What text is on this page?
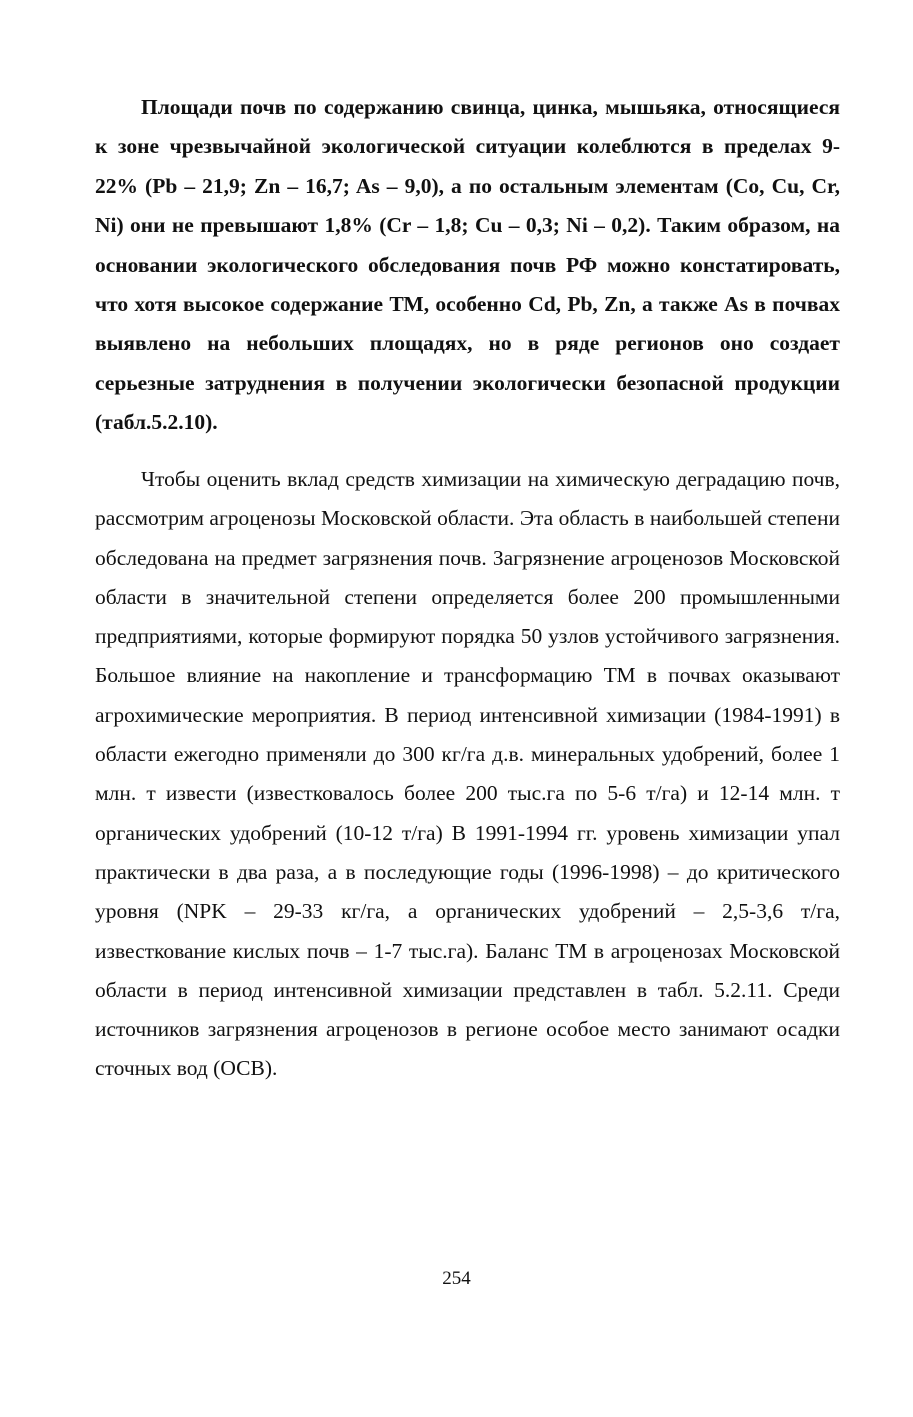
Площади почв по содержанию свинца, цинка, мышьяка, относящиеся к зоне чрезвычайной экологической ситуации колеблются в пределах 9-22% (Pb – 21,9; Zn – 16,7; As – 9,0), а по остальным элементам (Co, Cu, Cr, Ni) они не превышают 1,8% (Cr – 1,8; Cu – 0,3; Ni – 0,2). Таким образом, на основании экологического обследования почв РФ можно констатировать, что хотя высокое содержание ТМ, особенно Cd, Pb, Zn, а также As в почвах выявлено на небольших площадях, но в ряде регионов оно создает серьезные затруднения в получении экологически безопасной продукции (табл.5.2.10).

Чтобы оценить вклад средств химизации на химическую деградацию почв, рассмотрим агроценозы Московской области. Эта область в наибольшей степени обследована на предмет загрязнения почв. Загрязнение агроценозов Московской области в значительной степени определяется более 200 промышленными предприятиями, которые формируют порядка 50 узлов устойчивого загрязнения. Большое влияние на накопление и трансформацию ТМ в почвах оказывают агрохимические мероприятия. В период интенсивной химизации (1984-1991) в области ежегодно применяли до 300 кг/га д.в. минеральных удобрений, более 1 млн. т извести (известковалось более 200 тыс.га по 5-6 т/га) и 12-14 млн. т органических удобрений (10-12 т/га) В 1991-1994 гг. уровень химизации упал практически в два раза, а в последующие годы (1996-1998) – до критического уровня (NPK – 29-33 кг/га, а органических удобрений – 2,5-3,6 т/га, известкование кислых почв – 1-7 тыс.га). Баланс ТМ в агроценозах Московской области в период интенсивной химизации представлен в табл. 5.2.11. Среди источников загрязнения агроценозов в регионе особое место занимают осадки сточных вод (ОСВ).

254
